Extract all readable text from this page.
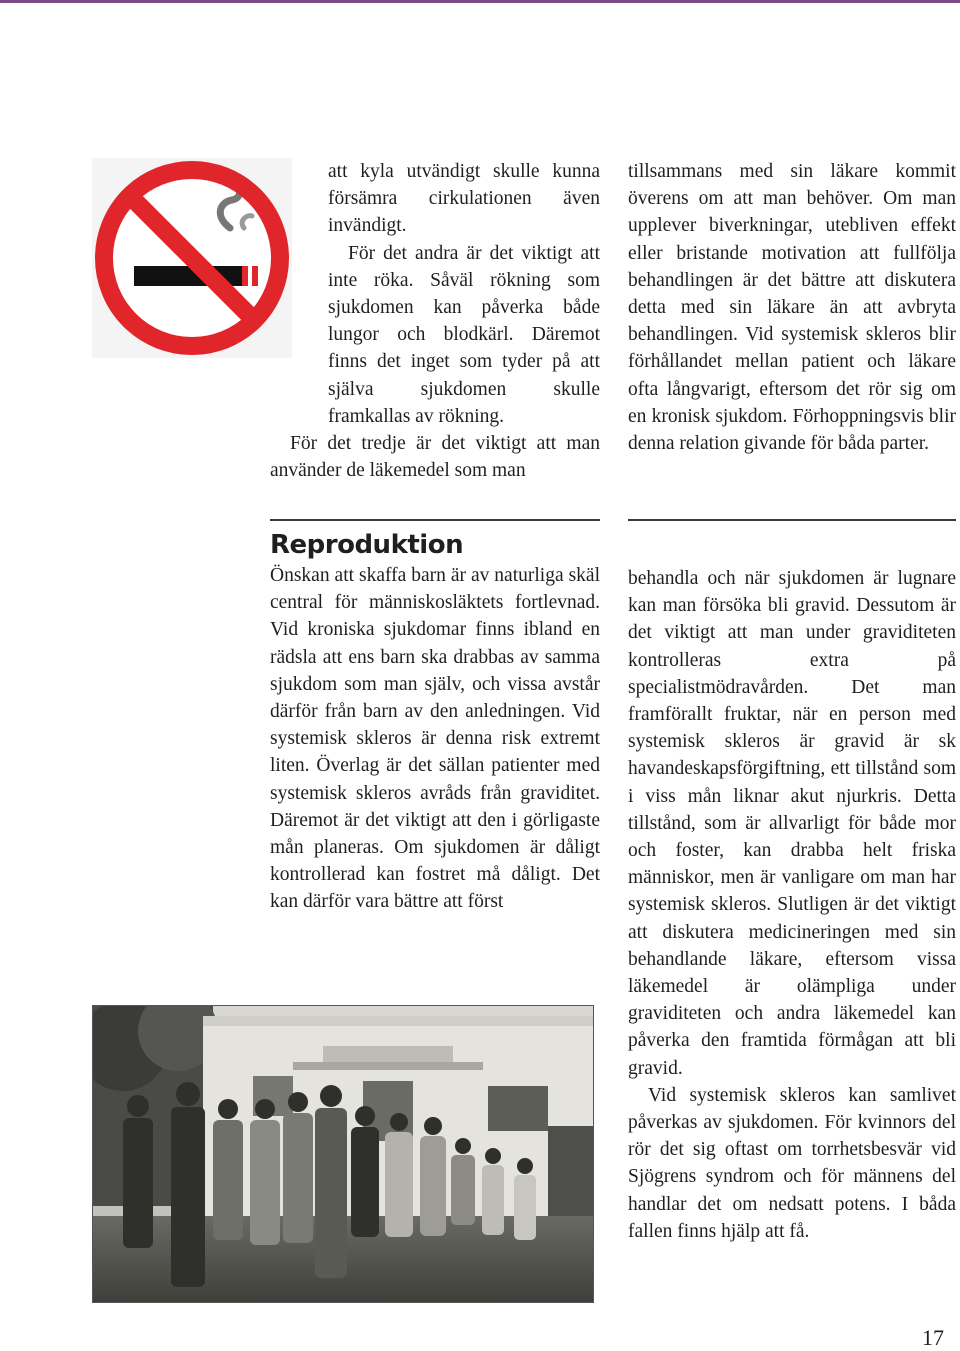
att kyla utvändigt skulle kunna försämra cirkulationen även invändigt.

För det andra är det viktigt att inte röka. Såväl rökning som sjukdomen kan påverka både lungor och blodkärl. Däremot finns det inget som tyder på att själva sjukdomen skulle framkallas av rökning.

För det tredje är det viktigt att man använder de läkemedel som man

tillsammans med sin läkare kommit överens om att man behöver. Om man upplever biverkningar, utebliven effekt eller bristande motivation att fullfölja behandlingen är det bättre att diskutera detta med sin läkare än att avbryta behandlingen. Vid systemisk skleros blir förhållandet mellan patient och läkare ofta långvarigt, eftersom det rör sig om en kronisk sjukdom. Förhoppningsvis blir denna relation givande för båda parter.

Reproduktion

Önskan att skaffa barn är av naturliga skäl central för människosläktets fortlevnad. Vid kroniska sjukdomar finns ibland en rädsla att ens barn ska drabbas av samma sjukdom som man själv, och vissa avstår därför från barn av den anledningen. Vid systemisk skleros är denna risk extremt liten. Överlag är det sällan patienter med systemisk skleros avråds från graviditet. Däremot är det viktigt att den i görligaste mån planeras. Om sjukdomen är dåligt kontrollerad kan fostret må dåligt. Det kan därför vara bättre att först

behandla och när sjukdomen är lugnare kan man försöka bli gravid. Dessutom är det viktigt att man under graviditeten kontrolleras extra på specialistmödravården. Det man framförallt fruktar, när en person med systemisk skleros är gravid är sk havandeskapsförgiftning, ett tillstånd som i viss mån liknar akut njurkris. Detta tillstånd, som är allvarligt för både mor och foster, kan drabba helt friska människor, men är vanligare om man har systemisk skleros. Slutligen är det viktigt att diskutera medicineringen med sin behandlande läkare, eftersom vissa läkemedel är olämpliga under graviditeten och andra läkemedel kan påverka den framtida förmågan att bli gravid.

Vid systemisk skleros kan samlivet påverkas av sjukdomen. För kvinnors del rör det sig oftast om torrhetsbesvär vid Sjögrens syndrom och för männens del handlar det om nedsatt potens. I båda fallen finns hjälp att få.

17
